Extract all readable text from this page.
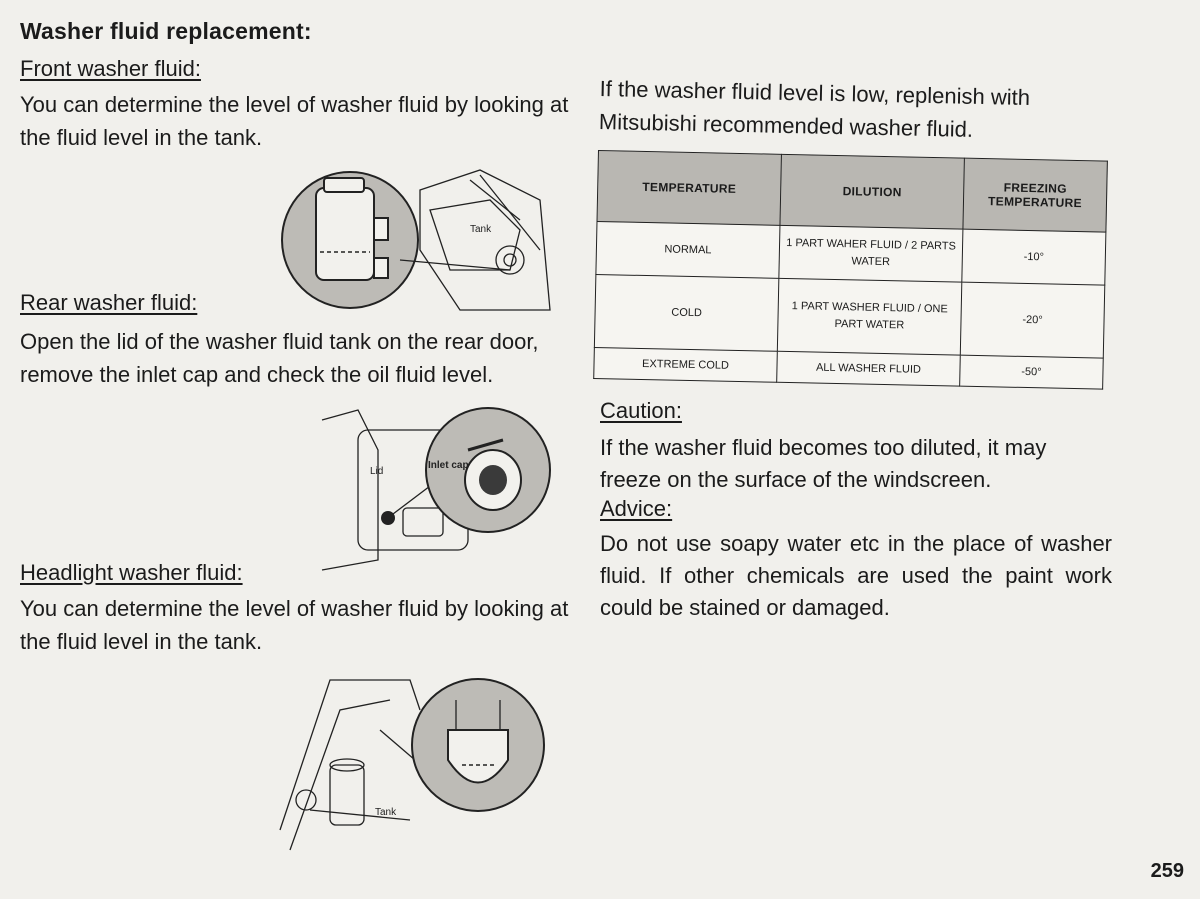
Washer fluid replacement:
Front washer fluid:
You can determine the level of washer fluid by looking at the fluid level in the tank.
Tank
Rear washer fluid:
Open the lid of the washer fluid tank on the rear door, remove the inlet cap and check the oil fluid level.
Lid
Inlet cap
Headlight washer fluid:
You can determine the level of washer fluid by looking at the fluid level in the tank.
Tank
If the washer fluid level is low, replenish with Mitsubishi recommended washer fluid.
TEMPERATURE	DILUTION	FREEZING TEMPERATURE
NORMAL	1 PART WAHER FLUID / 2 PARTS WATER	-10°
COLD	1 PART WASHER FLUID / ONE PART WATER	-20°
EXTREME COLD	ALL WASHER FLUID	-50°
Caution:
If the washer fluid becomes too diluted, it may freeze on the surface of the windscreen.
Advice:
Do not use soapy water etc in the place of washer fluid. If other chemicals are used the paint work could be stained or damaged.
259
